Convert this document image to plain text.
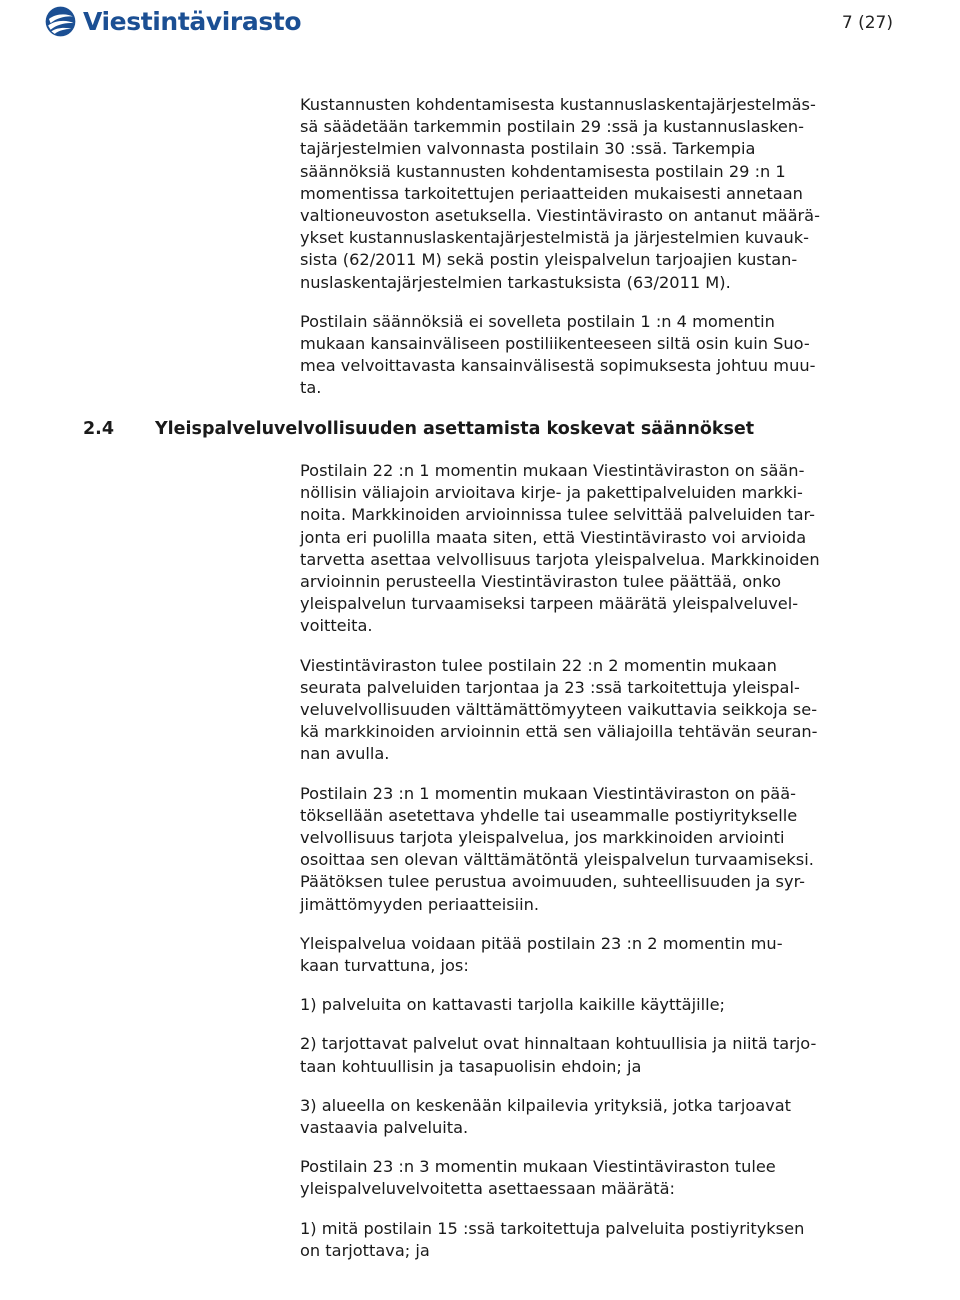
Viestintävirasto	7 (27)

Kustannusten kohdentamisesta kustannuslaskentajärjestelmäs-
sä säädetään tarkemmin postilain 29 :ssä ja kustannuslasken-
tajärjestelmien valvonnasta postilain 30 :ssä. Tarkempia
säännöksiä kustannusten kohdentamisesta postilain 29 :n 1
momentissa tarkoitettujen periaatteiden mukaisesti annetaan
valtioneuvoston asetuksella. Viestintävirasto on antanut määrä-
ykset kustannuslaskentajärjestelmistä ja järjestelmien kuvauk-
sista (62/2011 M) sekä postin yleispalvelun tarjoajien kustan-
nuslaskentajärjestelmien tarkastuksista (63/2011 M).

Postilain säännöksiä ei sovelleta postilain 1 :n 4 momentin
mukaan kansainväliseen postiliikenteeseen siltä osin kuin Suo-
mea velvoittavasta kansainvälisestä sopimuksesta johtuu muu-
ta.

2.4	Yleispalveluvelvollisuuden asettamista koskevat säännökset

Postilain 22 :n 1 momentin mukaan Viestintäviraston on sään-
nöllisin väliajoin arvioitava kirje- ja pakettipalveluiden markki-
noita. Markkinoiden arvioinnissa tulee selvittää palveluiden tar-
jonta eri puolilla maata siten, että Viestintävirasto voi arvioida
tarvetta asettaa velvollisuus tarjota yleispalvelua. Markkinoiden
arvioinnin perusteella Viestintäviraston tulee päättää, onko
yleispalvelun turvaamiseksi tarpeen määrätä yleispalveluvel-
voitteita.

Viestintäviraston tulee postilain 22 :n 2 momentin mukaan
seurata palveluiden tarjontaa ja 23 :ssä tarkoitettuja yleispal-
veluvelvollisuuden välttämättömyyteen vaikuttavia seikkoja se-
kä markkinoiden arvioinnin että sen väliajoilla tehtävän seuran-
nan avulla.

Postilain 23 :n 1 momentin mukaan Viestintäviraston on pää-
töksellään asetettava yhdelle tai useammalle postiyritykselle
velvollisuus tarjota yleispalvelua, jos markkinoiden arviointi
osoittaa sen olevan välttämätöntä yleispalvelun turvaamiseksi.
Päätöksen tulee perustua avoimuuden, suhteellisuuden ja syr-
jimättömyyden periaatteisiin.

Yleispalvelua voidaan pitää postilain 23 :n 2 momentin mu-
kaan turvattuna, jos:

1) palveluita on kattavasti tarjolla kaikille käyttäjille;

2) tarjottavat palvelut ovat hinnaltaan kohtuullisia ja niitä tarjo-
taan kohtuullisin ja tasapuolisin ehdoin; ja

3) alueella on keskenään kilpailevia yrityksiä, jotka tarjoavat
vastaavia palveluita.

Postilain 23 :n 3 momentin mukaan Viestintäviraston tulee
yleispalveluvelvoitetta asettaessaan määrätä:

1) mitä postilain 15 :ssä tarkoitettuja palveluita postiyrityksen
on tarjottava; ja
